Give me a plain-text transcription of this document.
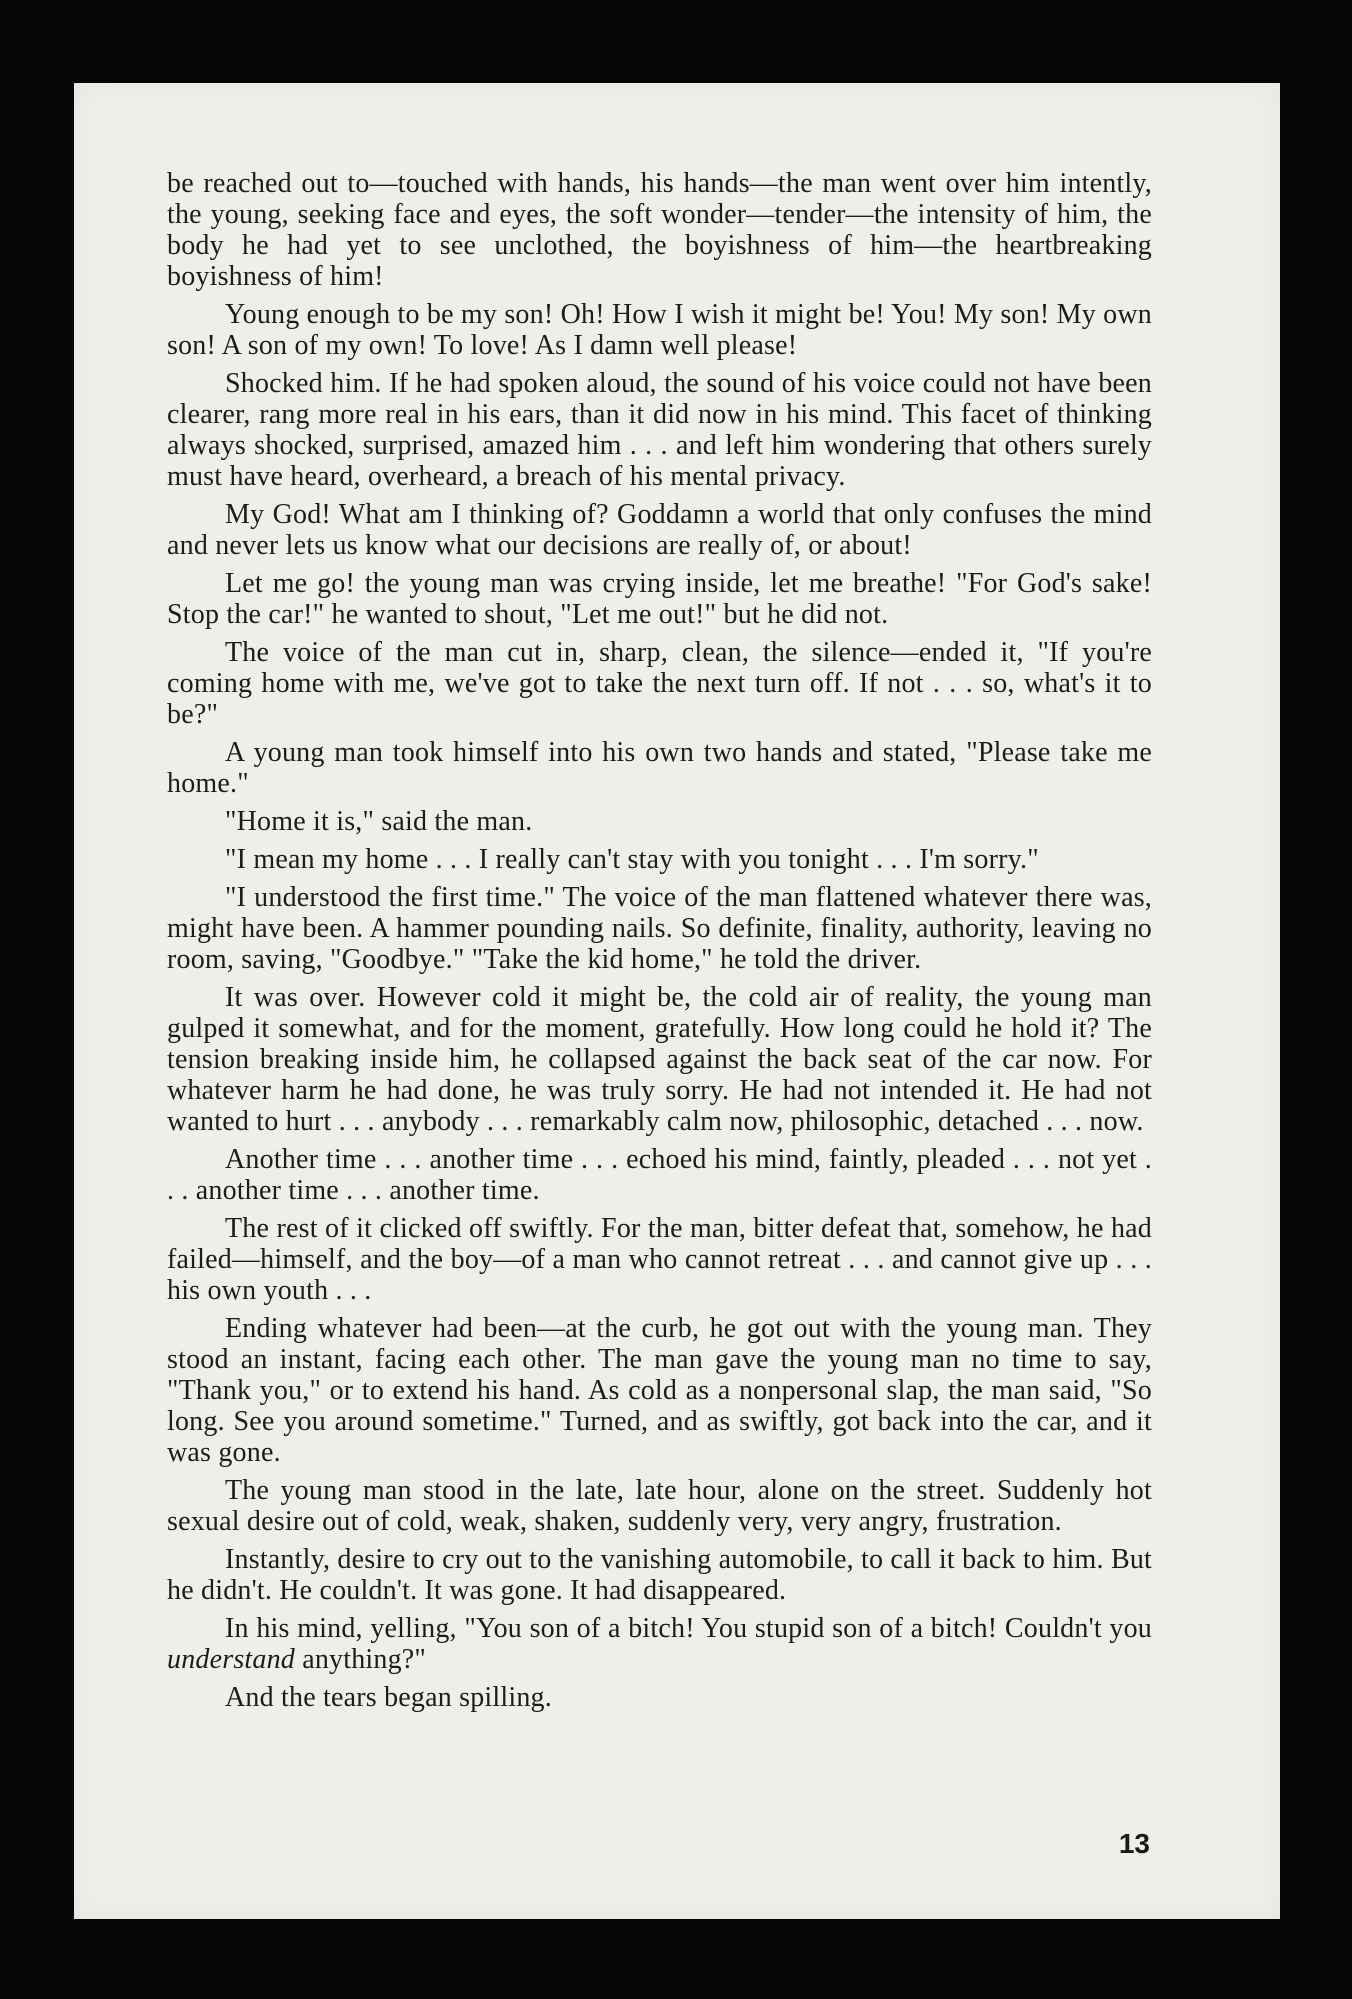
be reached out to—touched with hands, his hands—the man went over him intently, the young, seeking face and eyes, the soft wonder—tender—the intensity of him, the body he had yet to see unclothed, the boyishness of him—the heartbreaking boyishness of him!

Young enough to be my son! Oh! How I wish it might be! You! My son! My own son! A son of my own! To love! As I damn well please!

Shocked him. If he had spoken aloud, the sound of his voice could not have been clearer, rang more real in his ears, than it did now in his mind. This facet of thinking always shocked, surprised, amazed him . . . and left him wondering that others surely must have heard, overheard, a breach of his mental privacy.

My God! What am I thinking of? Goddamn a world that only confuses the mind and never lets us know what our decisions are really of, or about!

Let me go! the young man was crying inside, let me breathe! "For God's sake! Stop the car!" he wanted to shout, "Let me out!" but he did not.

The voice of the man cut in, sharp, clean, the silence—ended it, "If you're coming home with me, we've got to take the next turn off. If not . . . so, what's it to be?"

A young man took himself into his own two hands and stated, "Please take me home."

"Home it is," said the man.

"I mean my home . . . I really can't stay with you tonight . . . I'm sorry."

"I understood the first time." The voice of the man flattened whatever there was, might have been. A hammer pounding nails. So definite, finality, authority, leaving no room, saving, "Goodbye." "Take the kid home," he told the driver.

It was over. However cold it might be, the cold air of reality, the young man gulped it somewhat, and for the moment, gratefully. How long could he hold it? The tension breaking inside him, he collapsed against the back seat of the car now. For whatever harm he had done, he was truly sorry. He had not intended it. He had not wanted to hurt . . . anybody . . . remarkably calm now, philosophic, detached . . . now.

Another time . . . another time . . . echoed his mind, faintly, pleaded . . . not yet . . . another time . . . another time.

The rest of it clicked off swiftly. For the man, bitter defeat that, somehow, he had failed—himself, and the boy—of a man who cannot retreat . . . and cannot give up . . . his own youth . . .

Ending whatever had been—at the curb, he got out with the young man. They stood an instant, facing each other. The man gave the young man no time to say, "Thank you," or to extend his hand. As cold as a nonpersonal slap, the man said, "So long. See you around sometime." Turned, and as swiftly, got back into the car, and it was gone.

The young man stood in the late, late hour, alone on the street. Suddenly hot sexual desire out of cold, weak, shaken, suddenly very, very angry, frustration.

Instantly, desire to cry out to the vanishing automobile, to call it back to him. But he didn't. He couldn't. It was gone. It had disappeared.

In his mind, yelling, "You son of a bitch! You stupid son of a bitch! Couldn't you understand anything?"

And the tears began spilling.

13
